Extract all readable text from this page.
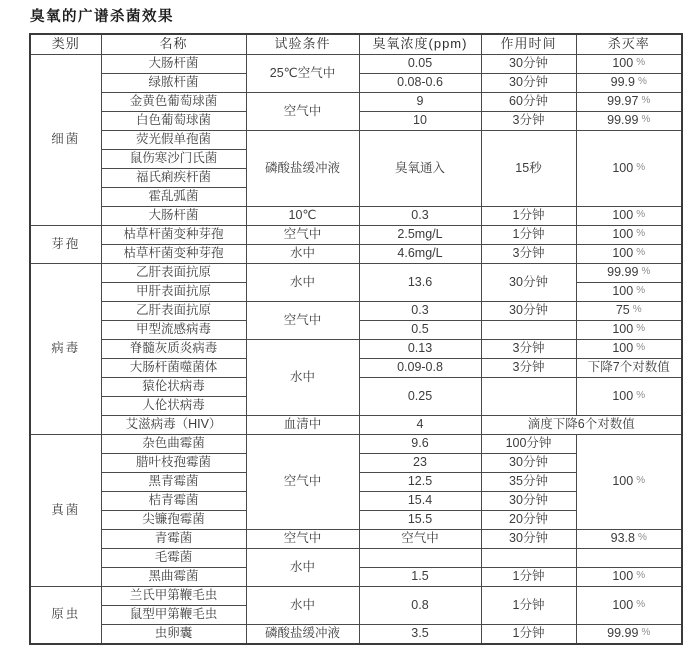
臭氧的广谱杀菌效果
类别	名称	试验条件	臭氧浓度(ppm)	作用时间	杀灭率
细菌	大肠杆菌	25℃空气中	0.05	30分钟	100 %
	绿脓杆菌		0.08-0.6	30分钟	99.9 %
	金黄色葡萄球菌	空气中	9	60分钟	99.97 %
	白色葡萄球菌		10	3分钟	99.99 %
	荧光假单孢菌	磷酸盐缓冲液	臭氧通入	15秒	100 %
	鼠伤寒沙门氏菌				
	福氏痢疾杆菌				
	霍乱弧菌				
	大肠杆菌	10℃	0.3	1分钟	100 %
芽孢	枯草杆菌变种芽孢	空气中	2.5mg/L	1分钟	100 %
	枯草杆菌变种芽孢	水中	4.6mg/L	3分钟	100 %
病毒	乙肝表面抗原	水中	13.6	30分钟	99.99 %
	甲肝表面抗原				100 %
	乙肝表面抗原	空气中	0.3	30分钟	75 %
	甲型流感病毒		0.5		100 %
	脊髓灰质炎病毒	水中	0.13	3分钟	100 %
	大肠杆菌噬菌体		0.09-0.8	3分钟	下降7个对数值
	猿伦状病毒		0.25		100 %
	人伦状病毒				
	艾滋病毒（HIV）	血清中	4	滴度下降6个对数值	
真菌	杂色曲霉菌	空气中	9.6	100分钟	100 %
	腊叶枝孢霉菌		23	30分钟	
	黑青霉菌		12.5	35分钟	
	桔青霉菌		15.4	30分钟	
	尖镰孢霉菌		15.5	20分钟	
	青霉菌	空气中	空气中	30分钟	93.8 %
	毛霉菌	水中			
	黑曲霉菌		1.5	1分钟	100 %
原虫	兰氏甲第鞭毛虫	水中	0.8	1分钟	100 %
	鼠型甲第鞭毛虫				
	虫卵囊	磷酸盐缓冲液	3.5	1分钟	99.99 %
